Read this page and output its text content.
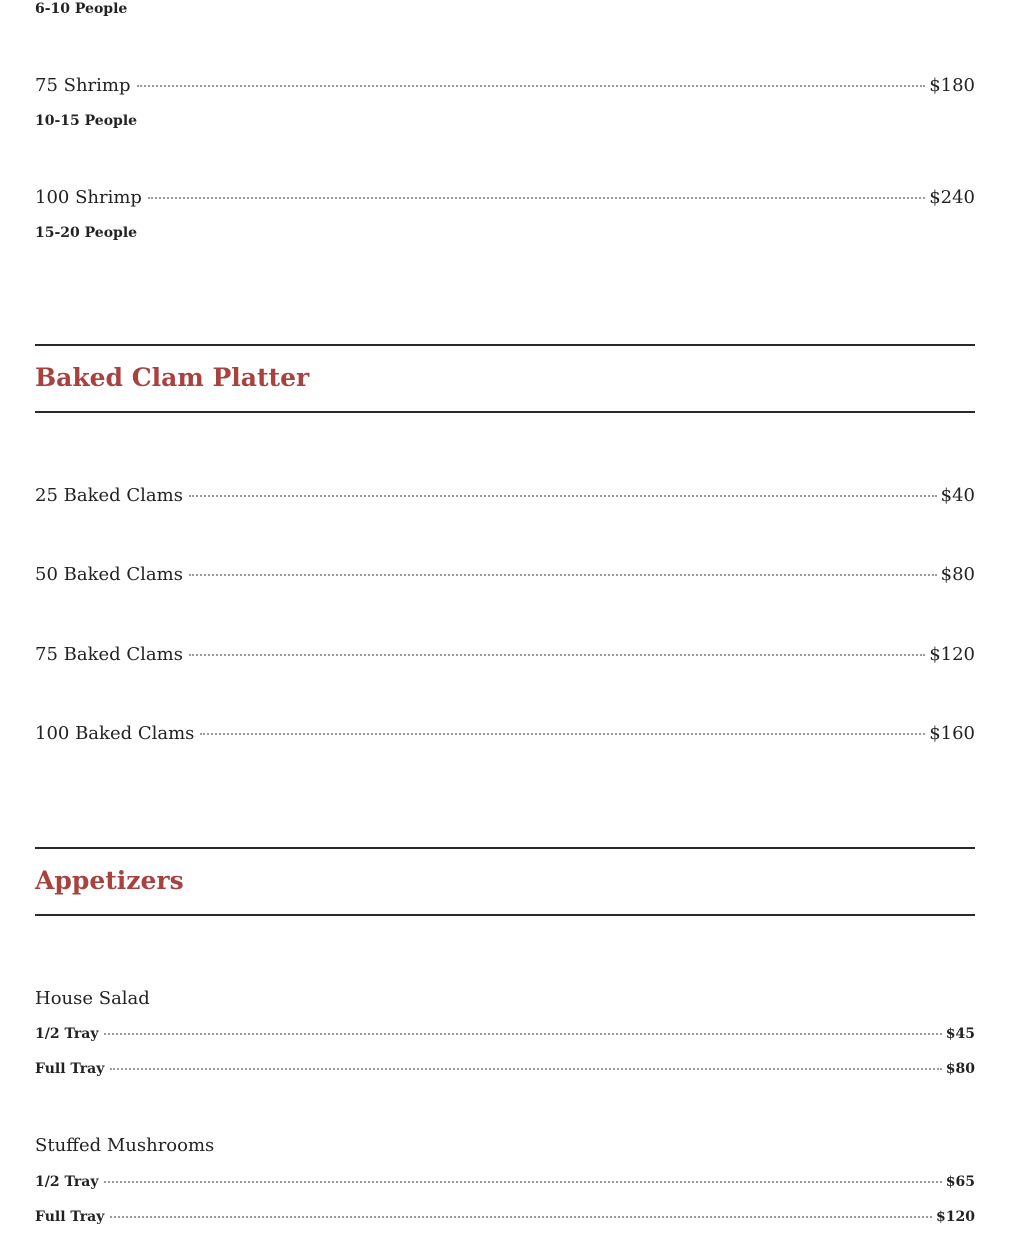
6-10 People
75 Shrimp	$180
10-15 People
100 Shrimp	$240
15-20 People
Baked Clam Platter
25 Baked Clams	$40
50 Baked Clams	$80
75 Baked Clams	$120
100 Baked Clams	$160
Appetizers
House Salad
1/2 Tray	$45
Full Tray	$80
Stuffed Mushrooms
1/2 Tray	$65
Full Tray	$120
